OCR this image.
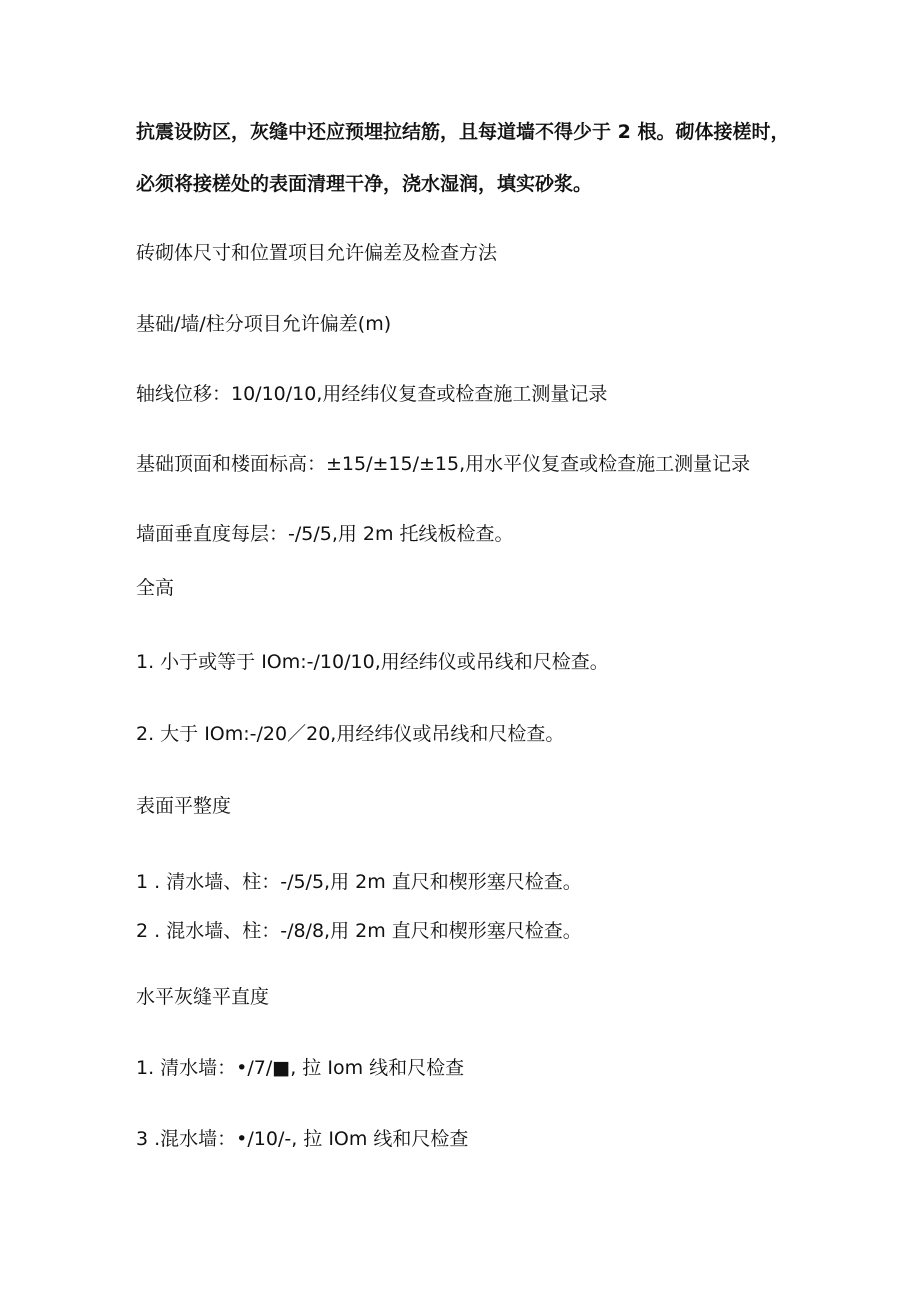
抗震设防区，灰缝中还应预埋拉结筋，且每道墙不得少于 2 根。砌体接槎时，
必须将接槎处的表面清理干净，浇水湿润，填实砂浆。
砖砌体尺寸和位置项目允许偏差及检查方法
基础/墙/柱分项目允许偏差(m)
轴线位移：10/10/10,用经纬仪复查或检查施工测量记录
基础顶面和楼面标高：±15/±15/±15,用水平仪复查或检查施工测量记录
墙面垂直度每层：-/5/5,用 2m 托线板检查。
全高
1. 小于或等于 IOm:-/10/10,用经纬仪或吊线和尺检查。
2. 大于 IOm:-/20／20,用经纬仪或吊线和尺检查。
表面平整度
1 . 清水墙、柱：-/5/5,用 2m 直尺和楔形塞尺检查。
2 . 混水墙、柱：-/8/8,用 2m 直尺和楔形塞尺检查。
水平灰缝平直度
1. 清水墙：•/7/■, 拉 Iom 线和尺检查
3 .混水墙：•/10/-, 拉 IOm 线和尺检查
